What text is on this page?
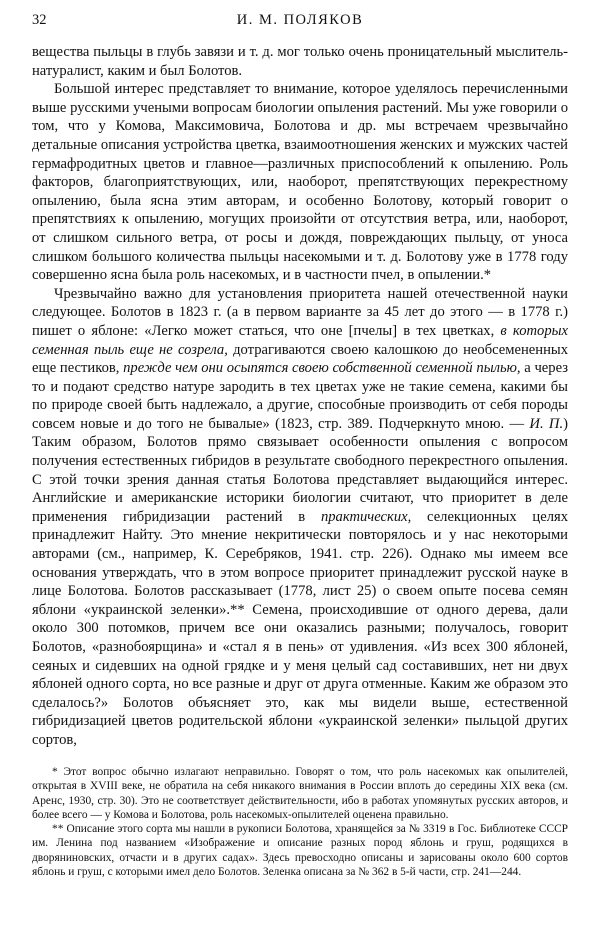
32	И. М. ПОЛЯКОВ

вещества пыльцы в глубь завязи и т. д. мог только очень проницательный мыслитель-натуралист, каким и был Болотов.

Большой интерес представляет то внимание, которое уделялось перечисленными выше русскими учеными вопросам биологии опыления растений. Мы уже говорили о том, что у Комова, Максимовича, Болотова и др. мы встречаем чрезвычайно детальные описания устройства цветка, взаимоотношения женских и мужских частей гермафродитных цветов и главное—различных приспособлений к опылению. Роль факторов, благоприятствующих, или, наоборот, препятствующих перекрестному опылению, была ясна этим авторам, и особенно Болотову, который говорит о препятствиях к опылению, могущих произойти от отсутствия ветра, или, наоборот, от слишком сильного ветра, от росы и дождя, повреждающих пыльцу, от уноса слишком большого количества пыльцы насекомыми и т. д. Болотову уже в 1778 году совершенно ясна была роль насекомых, и в частности пчел, в опылении.*

Чрезвычайно важно для установления приоритета нашей отечественной науки следующее. Болотов в 1823 г. (а в первом варианте за 45 лет до этого — в 1778 г.) пишет о яблоне: «Легко может статься, что оне [пчелы] в тех цветках, в которых семенная пыль еще не созрела, дотрагиваются своею калошкою до необсемененных еще пестиков, прежде чем они осыпятся своею собственной семенной пылью, а через то и подают средство натуре зародить в тех цветах уже не такие семена, какими бы по природе своей быть надлежало, а другие, способные производить от себя породы совсем новые и до того не бывалые» (1823, стр. 389. Подчеркнуто мною. — И. П.) Таким образом, Болотов прямо связывает особенности опыления с вопросом получения естественных гибридов в результате свободного перекрестного опыления. С этой точки зрения данная статья Болотова представляет выдающийся интерес. Английские и американские историки биологии считают, что приоритет в деле применения гибридизации растений в практических, селекционных целях принадлежит Найту. Это мнение некритически повторялось и у нас некоторыми авторами (см., например, К. Серебряков, 1941. стр. 226). Однако мы имеем все основания утверждать, что в этом вопросе приоритет принадлежит русской науке в лице Болотова. Болотов рассказывает (1778, лист 25) о своем опыте посева семян яблони «украинской зеленки».** Семена, происходившие от одного дерева, дали около 300 потомков, причем все они оказались разными; получалось, говорит Болотов, «разнобоярщина» и «стал я в пень» от удивления. «Из всех 300 яблоней, сеяных и сидевших на одной грядке и у меня целый сад составивших, нет ни двух яблоней одного сорта, но все разные и друг от друга отменные. Каким же образом это сделалось?» Болотов объясняет это, как мы видели выше, естественной гибридизацией цветов родительской яблони «украинской зеленки» пыльцой других сортов,

* Этот вопрос обычно излагают неправильно. Говорят о том, что роль насекомых как опылителей, открытая в XVIII веке, не обратила на себя никакого внимания в России вплоть до середины XIX века (см. Аренс, 1930, стр. 30). Это не соответствует действительности, ибо в работах упомянутых русских авторов, и более всего — у Комова и Болотова, роль насекомых-опылителей оценена правильно.

** Описание этого сорта мы нашли в рукописи Болотова, хранящейся за № 3319 в Гос. Библиотеке СССР им. Ленина под названием «Изображение и описание разных пород яблонь и груш, родящихся в дворяниновских, отчасти и в других садах». Здесь превосходно описаны и зарисованы около 600 сортов яблонь и груш, с которыми имел дело Болотов. Зеленка описана за № 362 в 5-й части, стр. 241—244.
